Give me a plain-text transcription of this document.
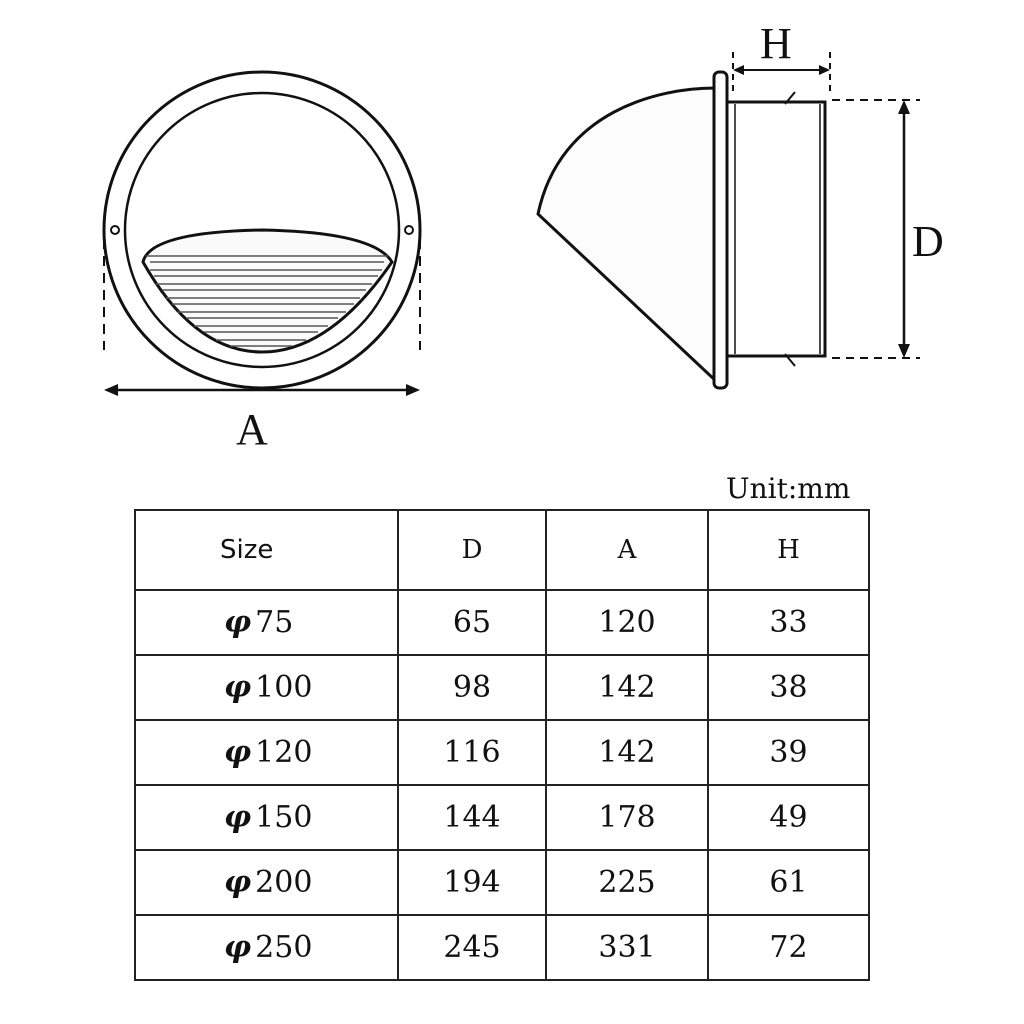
A
H
D
Unit:mm
Size	D	A	H
φ 75	65	120	33
φ 100	98	142	38
φ 120	116	142	39
φ 150	144	178	49
φ 200	194	225	61
φ 250	245	331	72
